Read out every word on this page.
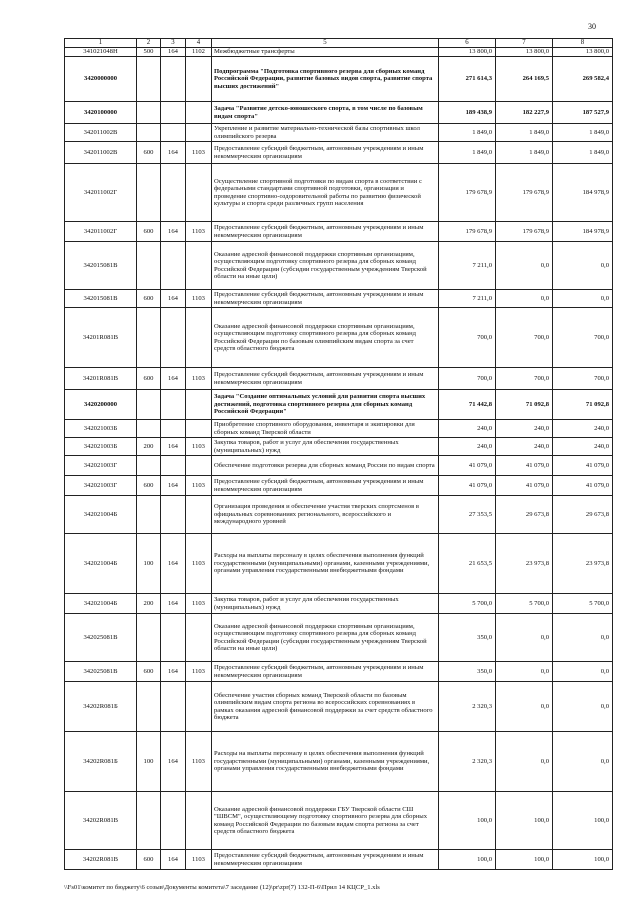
30
1	2	3	4	5	6	7	8
341021048Н	500	164	1102	Межбюджетные трансферты	13 800,0	13 800,0	13 800,0
3420000000				Подпрограмма "Подготовка спортивного резерва для сборных команд Российской Федерации, развитие базовых видов спорта, развитие спорта высших достижений"	271 614,3	264 169,5	269 582,4
3420100000				Задача "Развитие детско-юношеского спорта, в том числе по базовым видам спорта"	189 438,9	182 227,9	187 527,9
342011002В				Укрепление и развитие материально-технической базы спортивных школ олимпийского резерва	1 849,0	1 849,0	1 849,0
342011002В	600	164	1103	Предоставление субсидий бюджетным, автономным учреждениям и иным некоммерческим организациям	1 849,0	1 849,0	1 849,0
342011002Г				Осуществление спортивной подготовки по видам спорта в соответствии с федеральными стандартами спортивной подготовки, организация и проведение спортивно-оздоровительной работы по развитию физической культуры и спорта среди различных групп населения	179 678,9	179 678,9	184 978,9
342011002Г	600	164	1103	Предоставление субсидий бюджетным, автономным учреждениям и иным некоммерческим организациям	179 678,9	179 678,9	184 978,9
342015081В				Оказание адресной финансовой поддержки спортивным организациям, осуществляющим подготовку спортивного резерва для сборных команд Российской Федерации (субсидии государственным учреждениям Тверской области на иные цели)	7 211,0	0,0	0,0
342015081В	600	164	1103	Предоставление субсидий бюджетным, автономным учреждениям и иным некоммерческим организациям	7 211,0	0,0	0,0
34201R081В				Оказание адресной финансовой поддержки спортивным организациям, осуществляющим подготовку спортивного резерва для сборных команд Российской Федерации по базовым олимпийским видам спорта за счет средств областного бюджета	700,0	700,0	700,0
34201R081В	600	164	1103	Предоставление субсидий бюджетным, автономным учреждениям и иным некоммерческим организациям	700,0	700,0	700,0
3420200000				Задача "Создание оптимальных условий для развития спорта высших достижений, подготовка спортивного резерва для сборных команд Российской Федерации"	71 442,8	71 092,8	71 092,8
342021003Б				Приобретение спортивного оборудования, инвентаря и экипировки для сборных команд Тверской области	240,0	240,0	240,0
342021003Б	200	164	1103	Закупка товаров, работ и услуг для обеспечения государственных (муниципальных) нужд	240,0	240,0	240,0
342021003Г				Обеспечение подготовки резерва для сборных команд России по видам спорта	41 079,0	41 079,0	41 079,0
342021003Г	600	164	1103	Предоставление субсидий бюджетным, автономным учреждениям и иным некоммерческим организациям	41 079,0	41 079,0	41 079,0
342021004Б				Организация проведения и обеспечение участия тверских спортсменов в официальных соревнованиях регионального, всероссийского и международного уровней	27 353,5	29 673,8	29 673,8
342021004Б	100	164	1103	Расходы на выплаты персоналу в целях обеспечения выполнения функций государственными (муниципальными) органами, казенными учреждениями, органами управления государственными внебюджетными фондами	21 653,5	23 973,8	23 973,8
342021004Б	200	164	1103	Закупка товаров, работ и услуг для обеспечения государственных (муниципальных) нужд	5 700,0	5 700,0	5 700,0
342025081В				Оказание адресной финансовой поддержки спортивным организациям, осуществляющим подготовку спортивного резерва для сборных команд Российской Федерации (субсидии государственным учреждениям Тверской области на иные цели)	350,0	0,0	0,0
342025081В	600	164	1103	Предоставление субсидий бюджетным, автономным учреждениям и иным некоммерческим организациям	350,0	0,0	0,0
34202R081Б				Обеспечение участия сборных команд Тверской области по базовым олимпийским видам спорта региона во всероссийских соревнованиях в рамках оказания адресной финансовой поддержки за счет средств областного бюджета	2 320,3	0,0	0,0
34202R081Б	100	164	1103	Расходы на выплаты персоналу в целях обеспечения выполнения функций государственными (муниципальными) органами, казенными учреждениями, органами управления государственными внебюджетными фондами	2 320,3	0,0	0,0
34202R081В				Оказание адресной финансовой поддержки ГБУ Тверской области СШ "ШВСМ", осуществляющему подготовку спортивного резерва для сборных команд Российской Федерации по базовым видам спорта региона за счет средств областного бюджета	100,0	100,0	100,0
34202R081В	600	164	1103	Предоставление субсидий бюджетным, автономным учреждениям и иным некоммерческим организациям	100,0	100,0	100,0
\\Fs01\комитет по бюджету\6 созыв\Документы комитета\7 заседание (12)\pr\zpr(7) 132-П-6\Прил 14 КЦСР_1.xls
